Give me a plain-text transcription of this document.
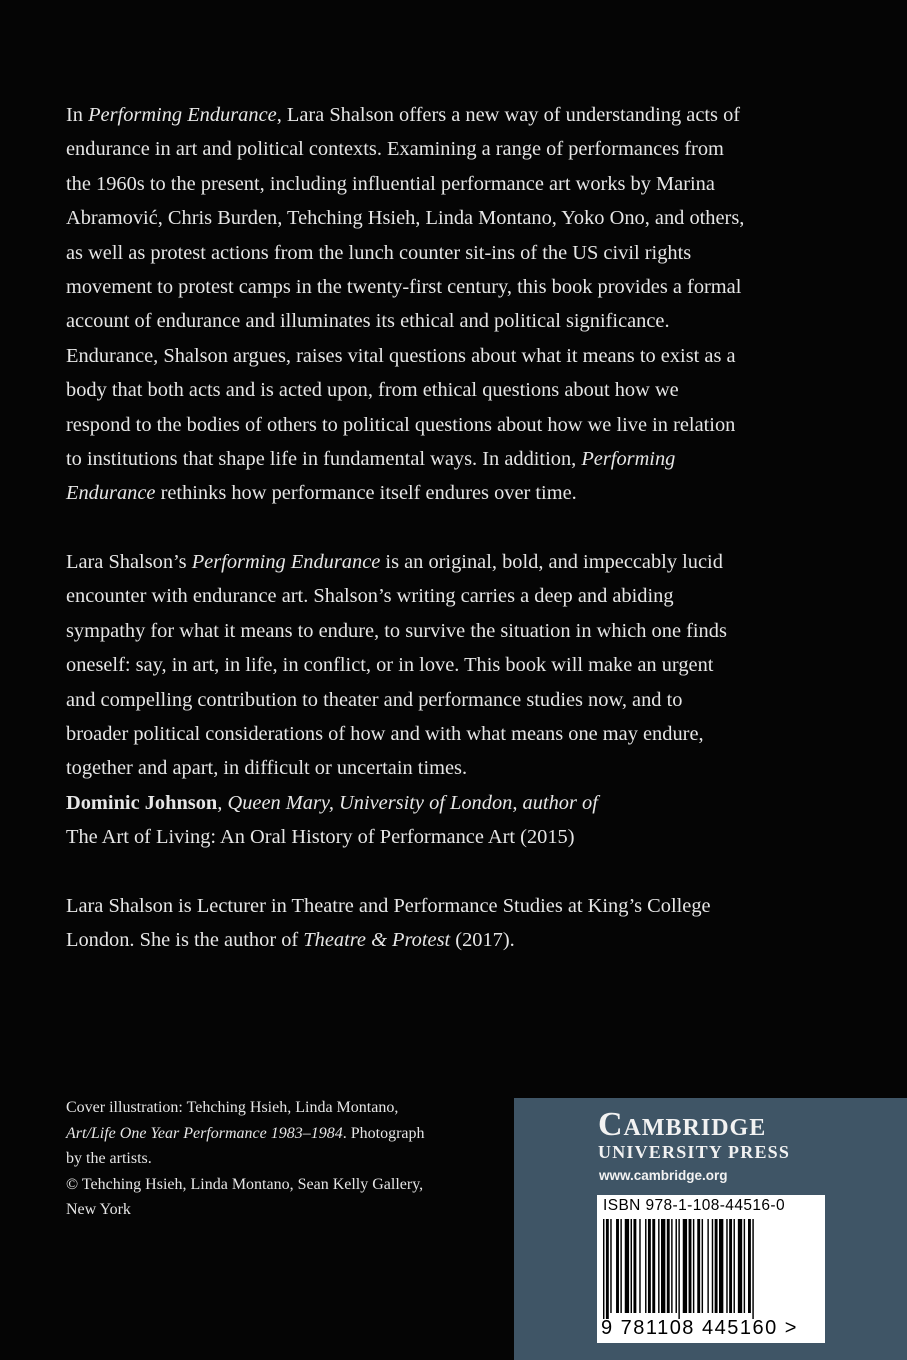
In Performing Endurance, Lara Shalson offers a new way of understanding acts of endurance in art and political contexts. Examining a range of performances from the 1960s to the present, including influential performance art works by Marina Abramović, Chris Burden, Tehching Hsieh, Linda Montano, Yoko Ono, and others, as well as protest actions from the lunch counter sit-ins of the US civil rights movement to protest camps in the twenty-first century, this book provides a formal account of endurance and illuminates its ethical and political significance. Endurance, Shalson argues, raises vital questions about what it means to exist as a body that both acts and is acted upon, from ethical questions about how we respond to the bodies of others to political questions about how we live in relation to institutions that shape life in fundamental ways. In addition, Performing Endurance rethinks how performance itself endures over time.

Lara Shalson’s Performing Endurance is an original, bold, and impeccably lucid encounter with endurance art. Shalson’s writing carries a deep and abiding sympathy for what it means to endure, to survive the situation in which one finds oneself: say, in art, in life, in conflict, or in love. This book will make an urgent and compelling contribution to theater and performance studies now, and to broader political considerations of how and with what means one may endure, together and apart, in difficult or uncertain times.

Dominic Johnson, Queen Mary, University of London, author of
The Art of Living: An Oral History of Performance Art (2015)

Lara Shalson is Lecturer in Theatre and Performance Studies at King’s College London. She is the author of Theatre & Protest (2017).

Cover illustration: Tehching Hsieh, Linda Montano, Art/Life One Year Performance 1983–1984. Photograph by the artists.
© Tehching Hsieh, Linda Montano, Sean Kelly Gallery, New York

Cambridge
UNIVERSITY PRESS
www.cambridge.org
ISBN 978-1-108-44516-0
9 781108 445160 >
